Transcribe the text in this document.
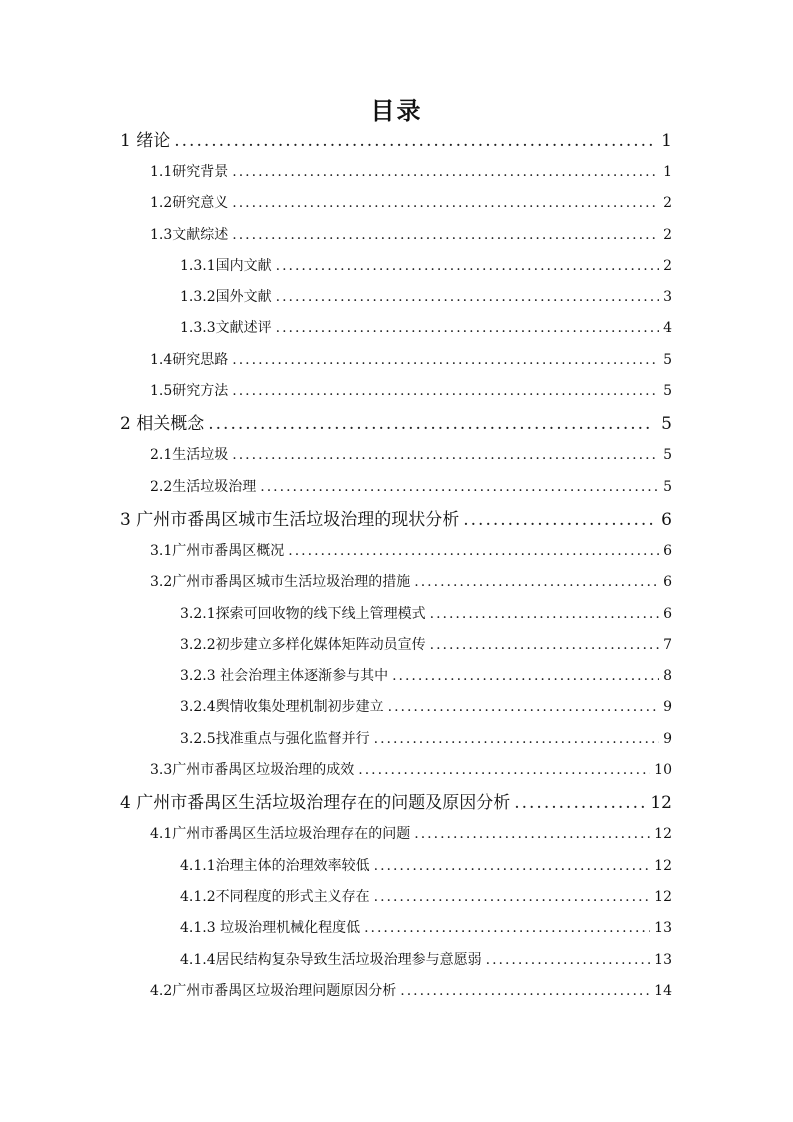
目录
1 绪论 .....	1
1.1研究背景 .....	1
1.2研究意义 .....	2
1.3文献综述 .....	2
1.3.1国内文献 .....	2
1.3.2国外文献 .....	3
1.3.3文献述评 .....	4
1.4研究思路 .....	5
1.5研究方法 .....	5
2 相关概念 .....	5
2.1生活垃圾 .....	5
2.2生活垃圾治理 .....	5
3 广州市番禺区城市生活垃圾治理的现状分析 .....	6
3.1广州市番禺区概况 .....	6
3.2广州市番禺区城市生活垃圾治理的措施 .....	6
3.2.1探索可回收物的线下线上管理模式 .....	6
3.2.2初步建立多样化媒体矩阵动员宣传 .....	7
3.2.3 社会治理主体逐渐参与其中 .....	8
3.2.4舆情收集处理机制初步建立 .....	9
3.2.5找准重点与强化监督并行 .....	9
3.3广州市番禺区垃圾治理的成效 .....	10
4 广州市番禺区生活垃圾治理存在的问题及原因分析 .....	12
4.1广州市番禺区生活垃圾治理存在的问题 .....	12
4.1.1治理主体的治理效率较低 .....	12
4.1.2不同程度的形式主义存在 .....	12
4.1.3 垃圾治理机械化程度低 .....	13
4.1.4居民结构复杂导致生活垃圾治理参与意愿弱 .....	13
4.2广州市番禺区垃圾治理问题原因分析 .....	14
